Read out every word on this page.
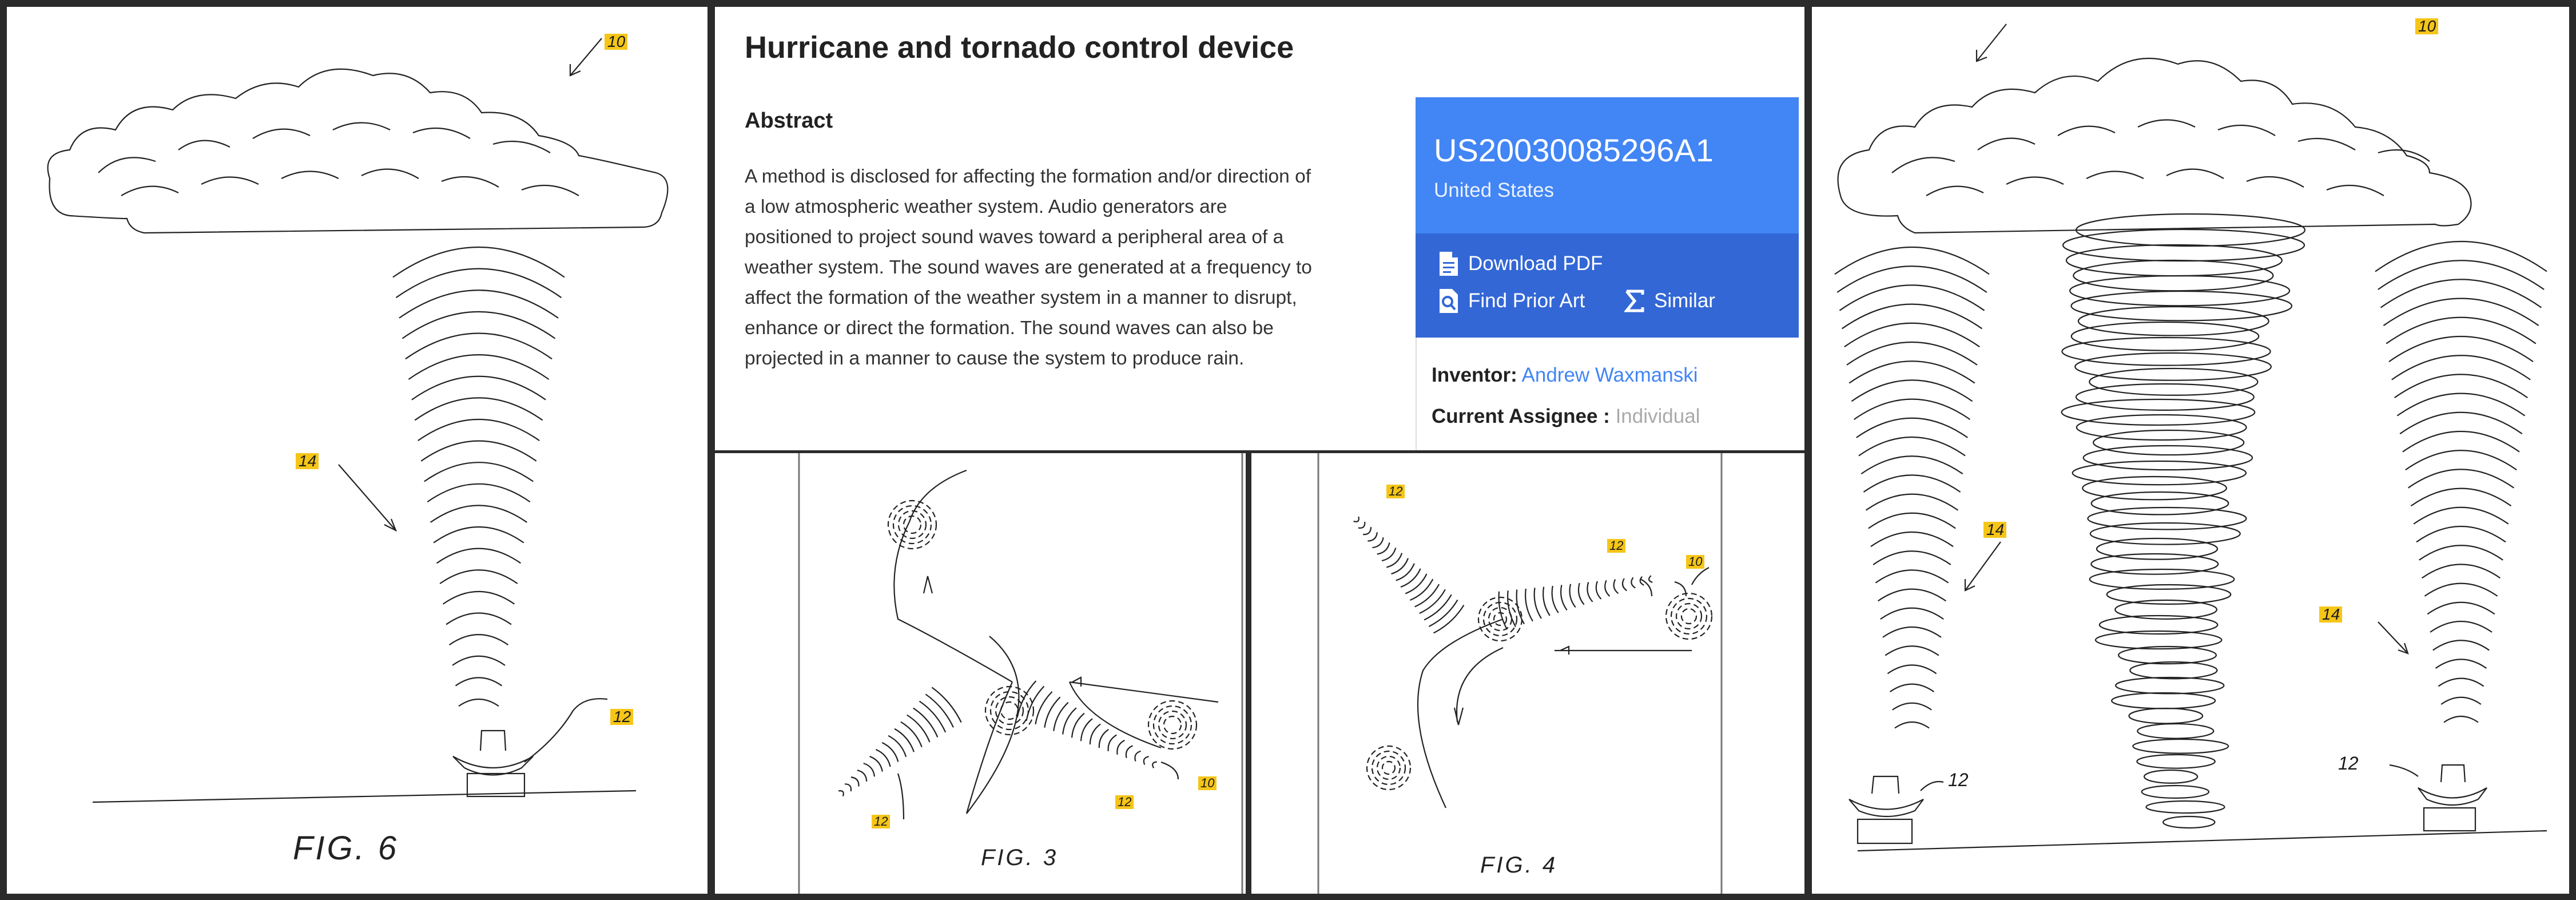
10
14
12
FIG. 6
Hurricane and tornado control device
Abstract
A method is disclosed for affecting the formation and/or direction of a low atmospheric weather system. Audio generators are positioned to project sound waves toward a peripheral area of a weather system. The sound waves are generated at a frequency to affect the formation of the weather system in a manner to disrupt, enhance or direct the formation. The sound waves can also be projected in a manner to cause the system to produce rain.
US20030085296A1
United States
Download PDF
Find Prior Art	Similar
Inventor: Andrew Waxmanski
Current Assignee : Individual
12
12
10
FIG. 3
12
12
10
FIG. 4
10
14
14
12
12
